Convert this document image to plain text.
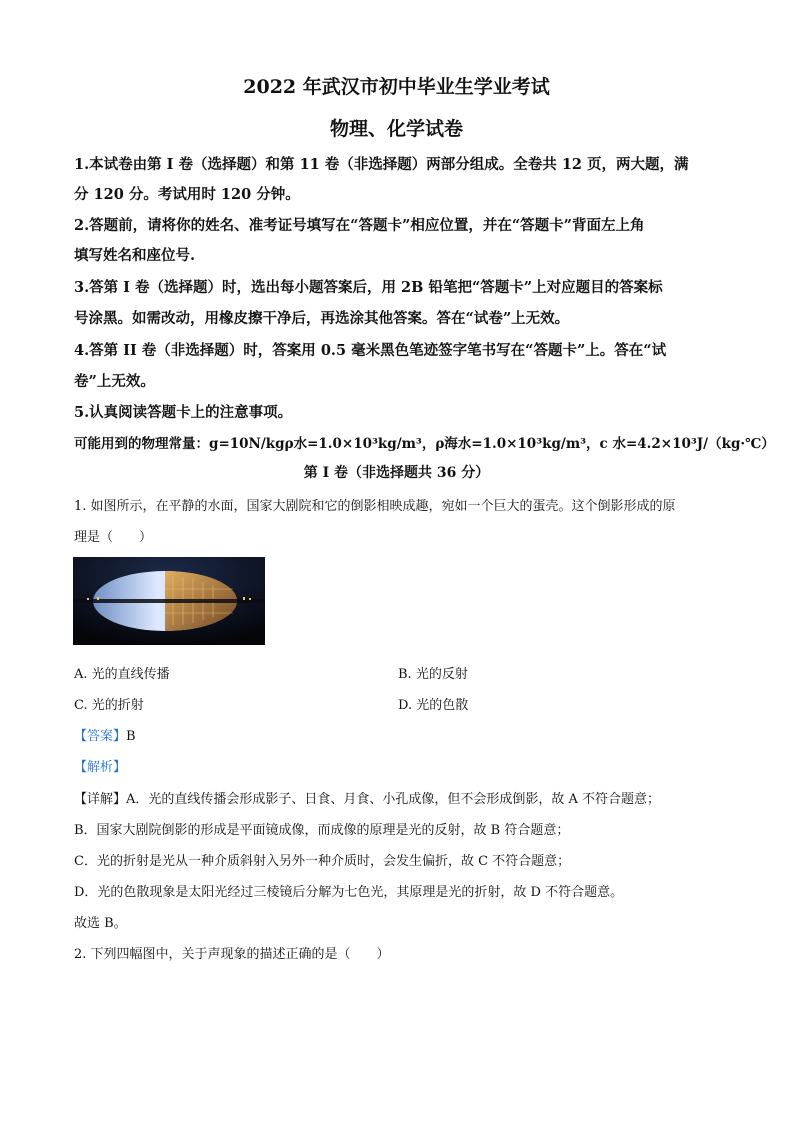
2022 年武汉市初中毕业生学业考试
物理、化学试卷
1.本试卷由第 I 卷（选择题）和第 11 卷（非选择题）两部分组成。全卷共 12 页，两大题，满
分 120 分。考试用时 120 分钟。
2.答题前，请将你的姓名、准考证号填写在“答题卡”相应位置，并在“答题卡”背面左上角
填写姓名和座位号.
3.答第 I 卷（选择题）时，选出每小题答案后，用 2B 铅笔把“答题卡”上对应题目的答案标
号涂黑。如需改动，用橡皮擦干净后，再选涂其他答案。答在“试卷”上无效。
4.答第 II 卷（非选择题）时，答案用 0.5 毫米黑色笔迹签字笔书写在“答题卡”上。答在“试
卷”上无效。
5.认真阅读答题卡上的注意事项。
可能用到的物理常量：g=10N/kgρ水=1.0×10³kg/m³，ρ海水=1.0×10³kg/m³，c 水=4.2×10³J/（kg·℃）
第 I 卷（非选择题共 36 分）
1. 如图所示，在平静的水面，国家大剧院和它的倒影相映成趣，宛如一个巨大的蛋壳。这个倒影形成的原
理是（　　）
A. 光的直线传播	B. 光的反射
C. 光的折射	D. 光的色散
【答案】B
【解析】
【详解】A．光的直线传播会形成影子、日食、月食、小孔成像，但不会形成倒影，故 A 不符合题意；
B．国家大剧院倒影的形成是平面镜成像，而成像的原理是光的反射，故 B 符合题意；
C．光的折射是光从一种介质斜射入另外一种介质时，会发生偏折，故 C 不符合题意；
D．光的色散现象是太阳光经过三棱镜后分解为七色光，其原理是光的折射，故 D 不符合题意。
故选 B。
2. 下列四幅图中，关于声现象的描述正确的是（　　）
